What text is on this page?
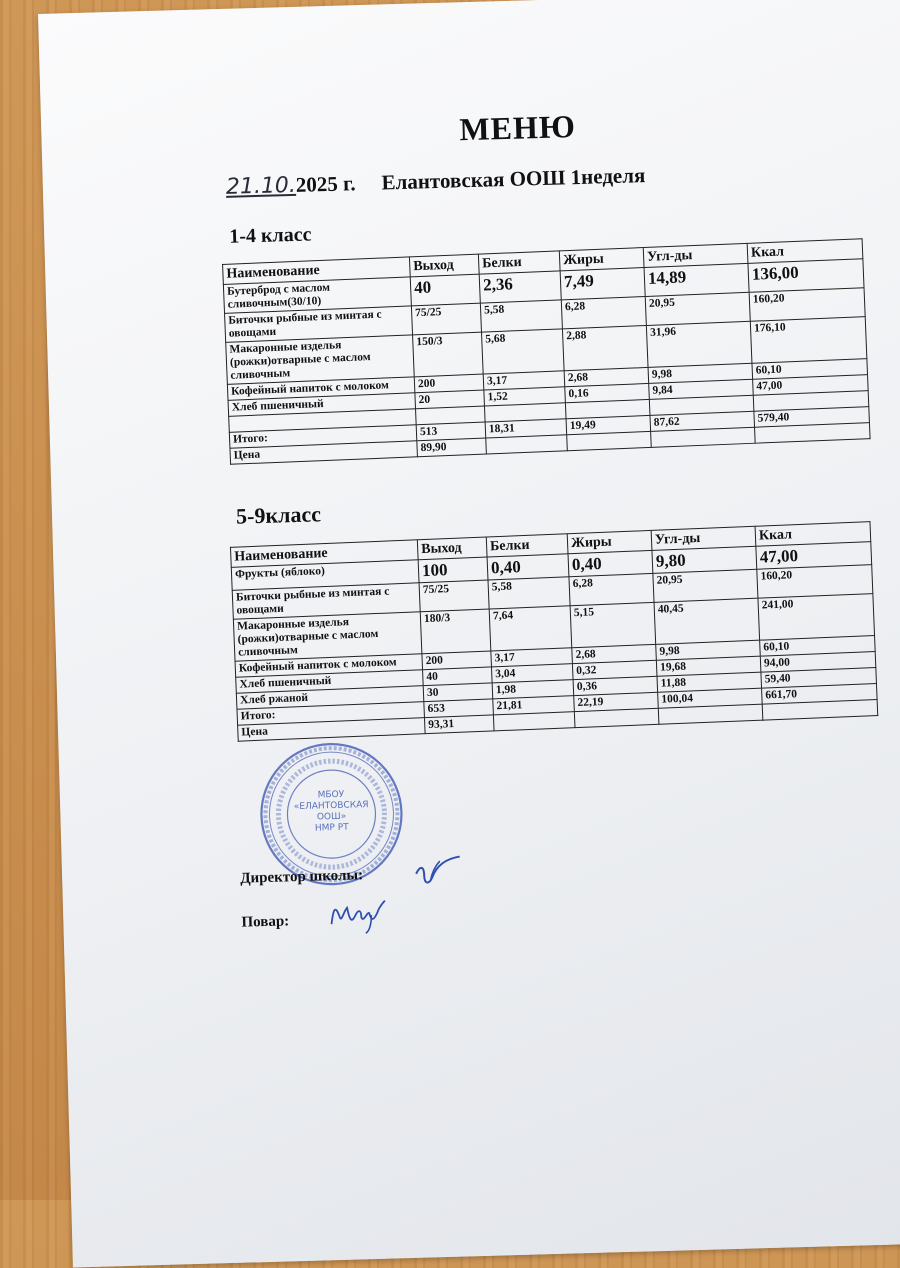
МЕНЮ
21.10.2025 г. Елантовская ООШ 1неделя
1-4 класс
Наименование	Выход	Белки	Жиры	Угл-ды	Ккал
Бутерброд с маслом сливочным(30/10)	40	2,36	7,49	14,89	136,00
Биточки рыбные из минтая с овощами	75/25	5,58	6,28	20,95	160,20
Макаронные изделья (рожки)отварные с маслом сливочным	150/3	5,68	2,88	31,96	176,10
Кофейный напиток с молоком	200	3,17	2,68	9,98	60,10
Хлеб пшеничный	20	1,52	0,16	9,84	47,00

Итого:	513	18,31	19,49	87,62	579,40
Цена	89,90				
5-9класс
Наименование	Выход	Белки	Жиры	Угл-ды	Ккал
Фрукты (яблоко)	100	0,40	0,40	9,80	47,00
Биточки рыбные из минтая с овощами	75/25	5,58	6,28	20,95	160,20
Макаронные изделья (рожки)отварные с маслом сливочным	180/3	7,64	5,15	40,45	241,00
Кофейный напиток с молоком	200	3,17	2,68	9,98	60,10
Хлеб пшеничный	40	3,04	0,32	19,68	94,00
Хлеб ржаной	30	1,98	0,36	11,88	59,40
Итого:	653	21,81	22,19	100,04	661,70
Цена	93,31				
МБОУ
«ЕЛАНТОВСКАЯ
ООШ»
НМР РТ
Директор школы:
Повар:
